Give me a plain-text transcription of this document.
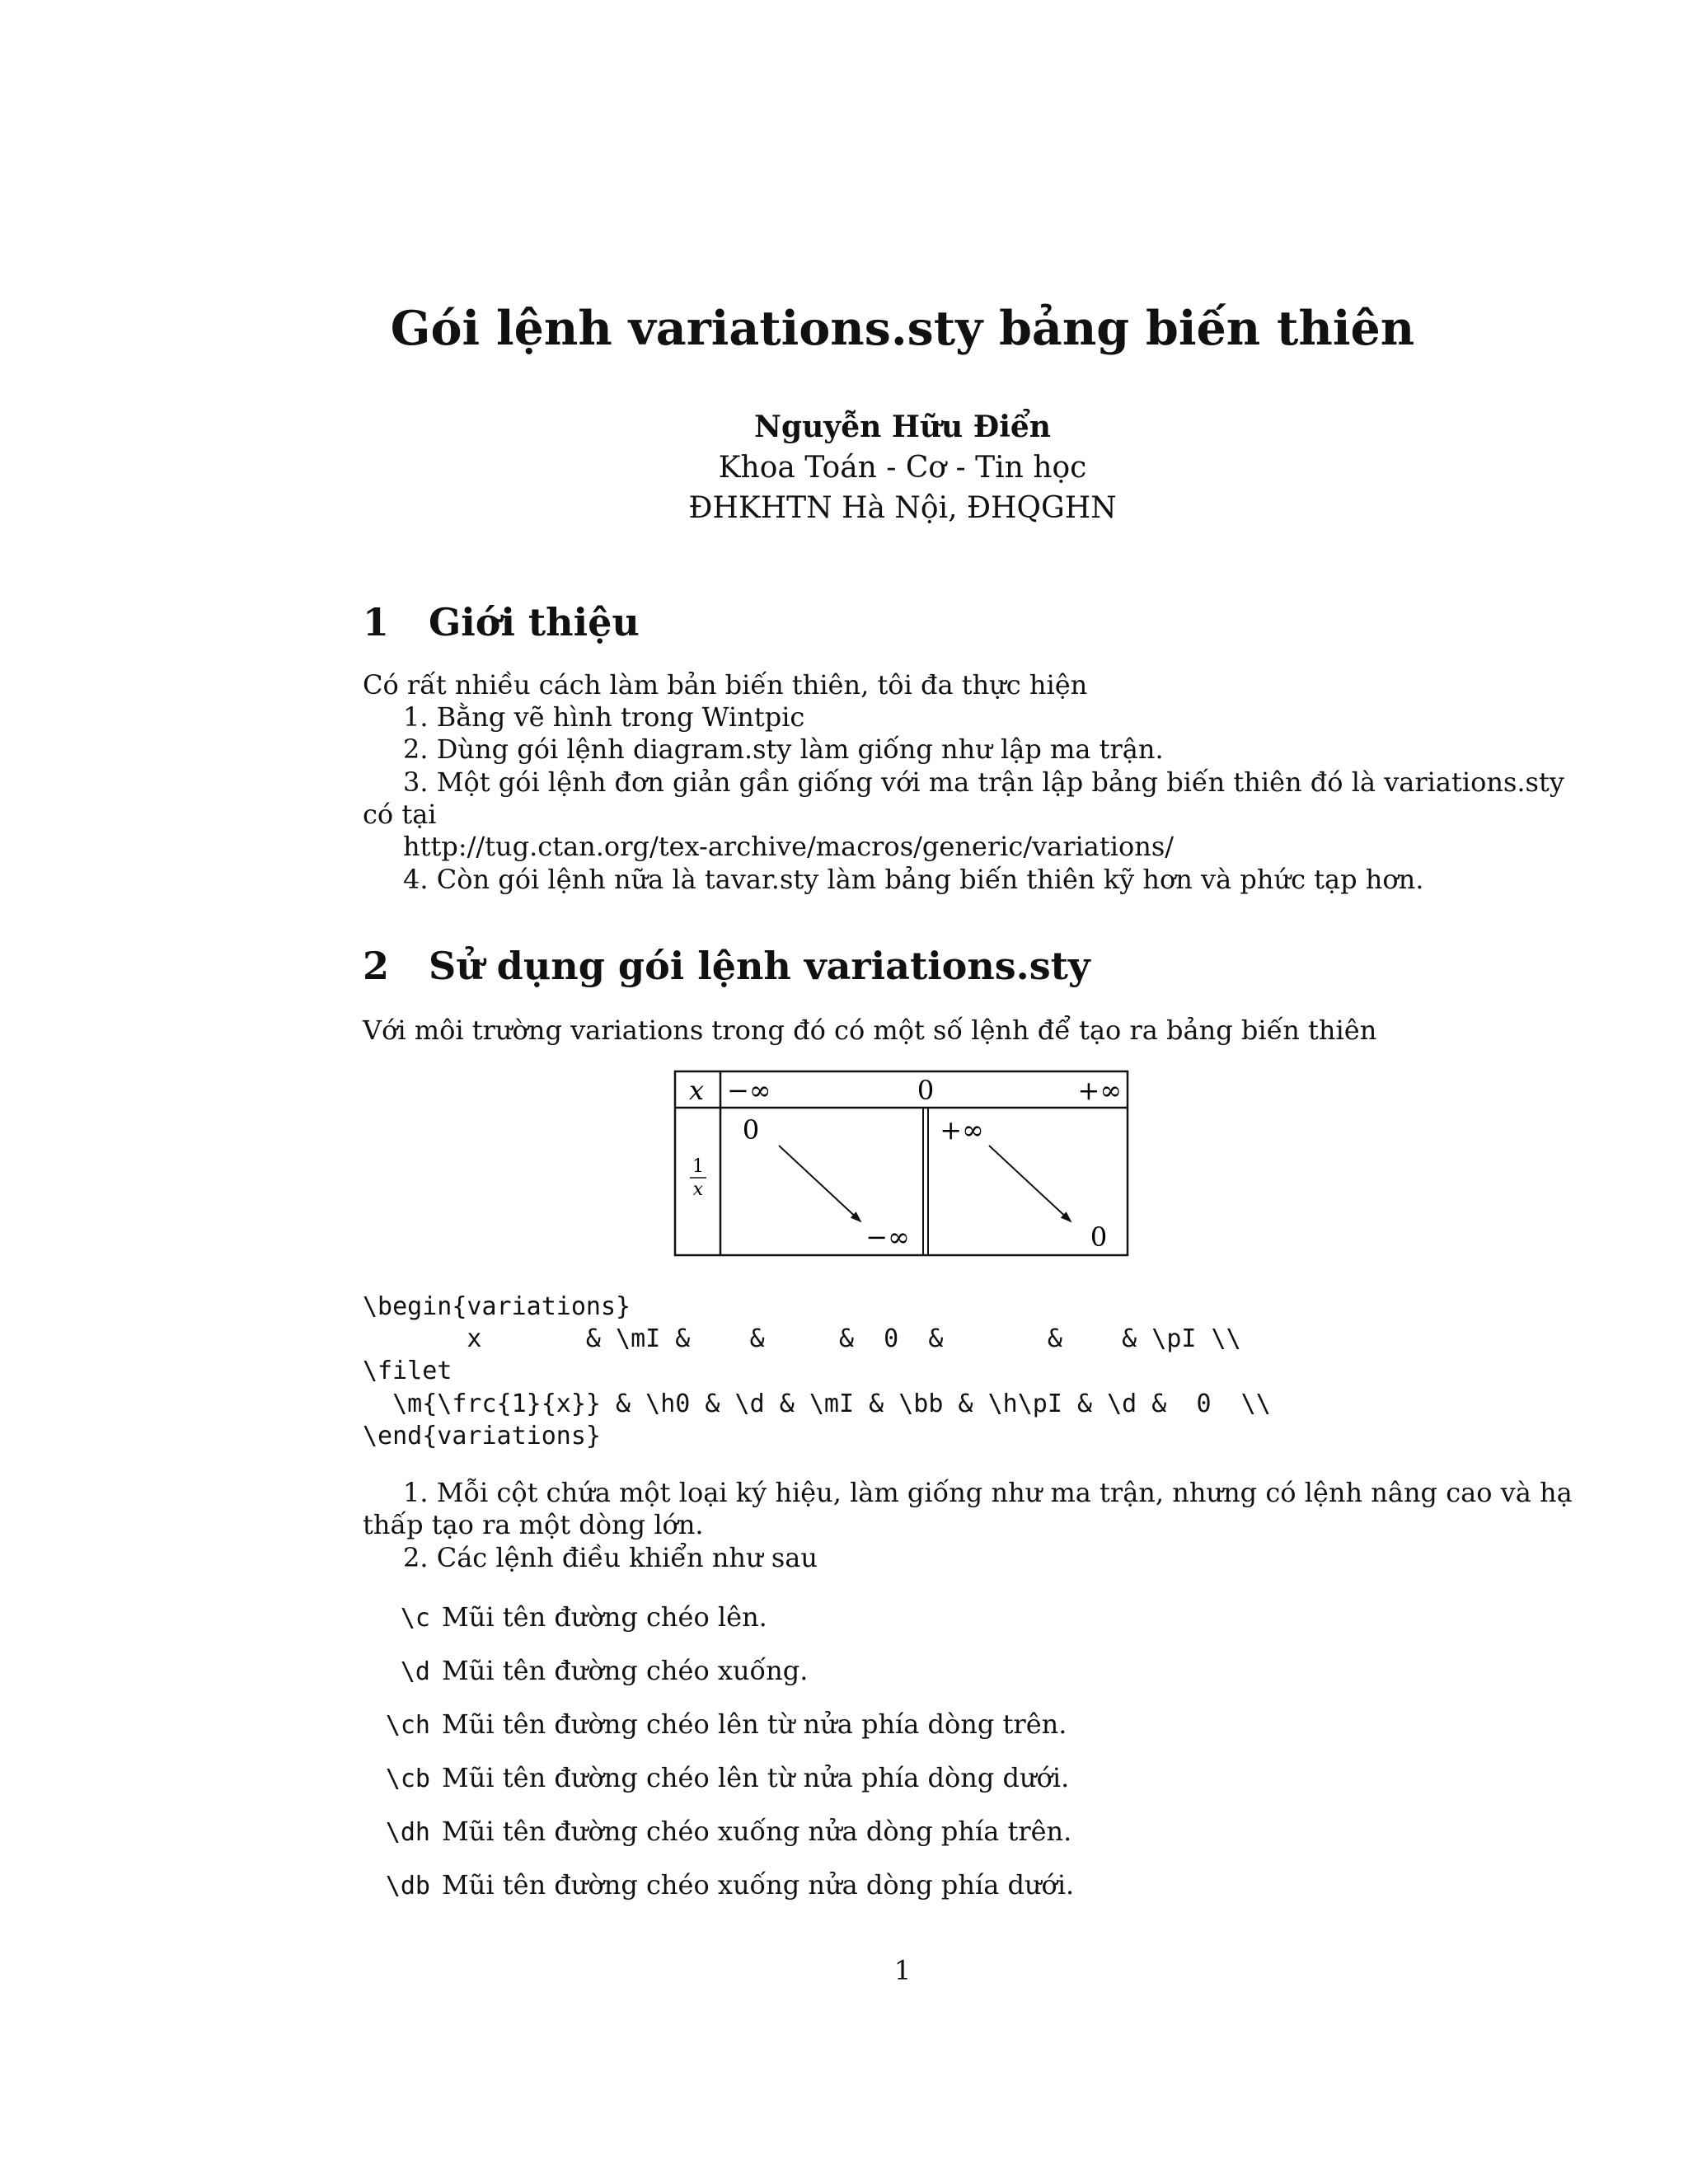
Gói lệnh variations.sty bảng biến thiên
Nguyễn Hữu Điển
Khoa Toán - Cơ - Tin học
ĐHKHTN Hà Nội, ĐHQGHN
1 Giới thiệu
Có rất nhiều cách làm bản biến thiên, tôi đa thực hiện
1. Bằng vẽ hình trong Wintpic
2. Dùng gói lệnh diagram.sty làm giống như lập ma trận.
3. Một gói lệnh đơn giản gần giống với ma trận lập bảng biến thiên đó là variations.sty
có tại
http://tug.ctan.org/tex-archive/macros/generic/variations/
4. Còn gói lệnh nữa là tavar.sty làm bảng biến thiên kỹ hơn và phức tạp hơn.
2 Sử dụng gói lệnh variations.sty
Với môi trường variations trong đó có một số lệnh để tạo ra bảng biến thiên
x −∞	0	+∞
1
x
0
−∞
+∞
0
\begin{variations}
x       & \mI &    &     &  0  &       &    & \pI \\
\filet
\m{\frc{1}{x}} & \h0 & \d & \mI & \bb & \h\pI & \d &  0  \\
\end{variations}
1. Mỗi cột chứa một loại ký hiệu, làm giống như ma trận, nhưng có lệnh nâng cao và hạ
thấp tạo ra một dòng lớn.
2. Các lệnh điều khiển như sau
\c Mũi tên đường chéo lên.
\d Mũi tên đường chéo xuống.
\ch Mũi tên đường chéo lên từ nửa phía dòng trên.
\cb Mũi tên đường chéo lên từ nửa phía dòng dưới.
\dh Mũi tên đường chéo xuống nửa dòng phía trên.
\db Mũi tên đường chéo xuống nửa dòng phía dưới.
1
